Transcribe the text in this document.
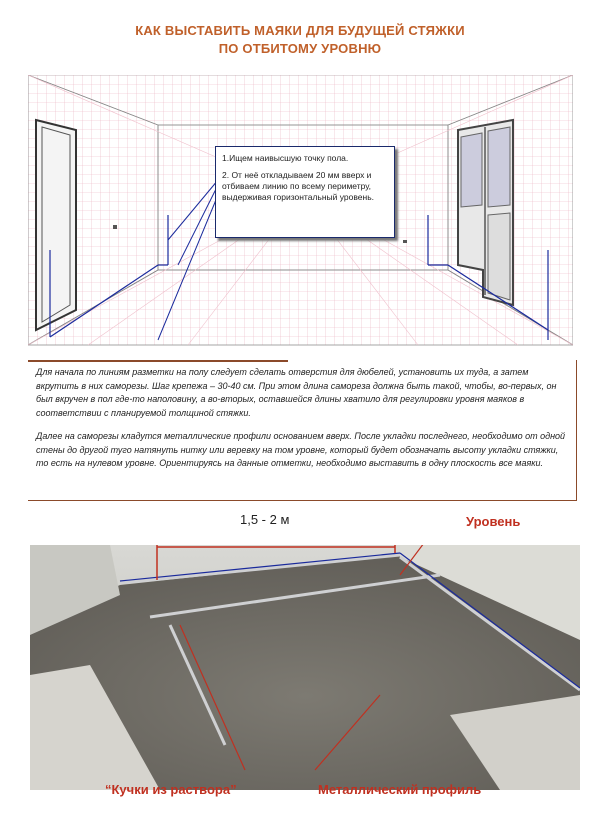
КАК ВЫСТАВИТЬ МАЯКИ ДЛЯ БУДУЩЕЙ СТЯЖКИ
ПО ОТБИТОМУ УРОВНЮ

1.Ищем наивысшую точку пола.

2. От неё откладываем 20 мм вверх и отбиваем линию по всему периметру, выдерживая горизонтальный уровень.

Для начала по линиям разметки на полу следует сделать отверстия для дюбелей, установить их туда, а затем вкрутить в них саморезы. Шаг крепежа – 30-40 см. При этом длина самореза должна быть такой, чтобы, во-первых, он был вкручен в пол где-то наполовину, а во-вторых, оставшейся длины хватило для регулировки уровня маяков в соответствии с планируемой толщиной стяжки.

Далее на саморезы кладутся металлические профили основанием вверх. После укладки последнего, необходимо от одной стены до другой туго натянуть нитку или веревку на том уровне, который будет обозначать высоту укладки стяжки, то есть на нулевом уровне. Ориентируясь на данные отметки, необходимо выставить в одну плоскость все маяки.

1,5 - 2 м	Уровень
“Кучки из раствора”	Металлический профиль
